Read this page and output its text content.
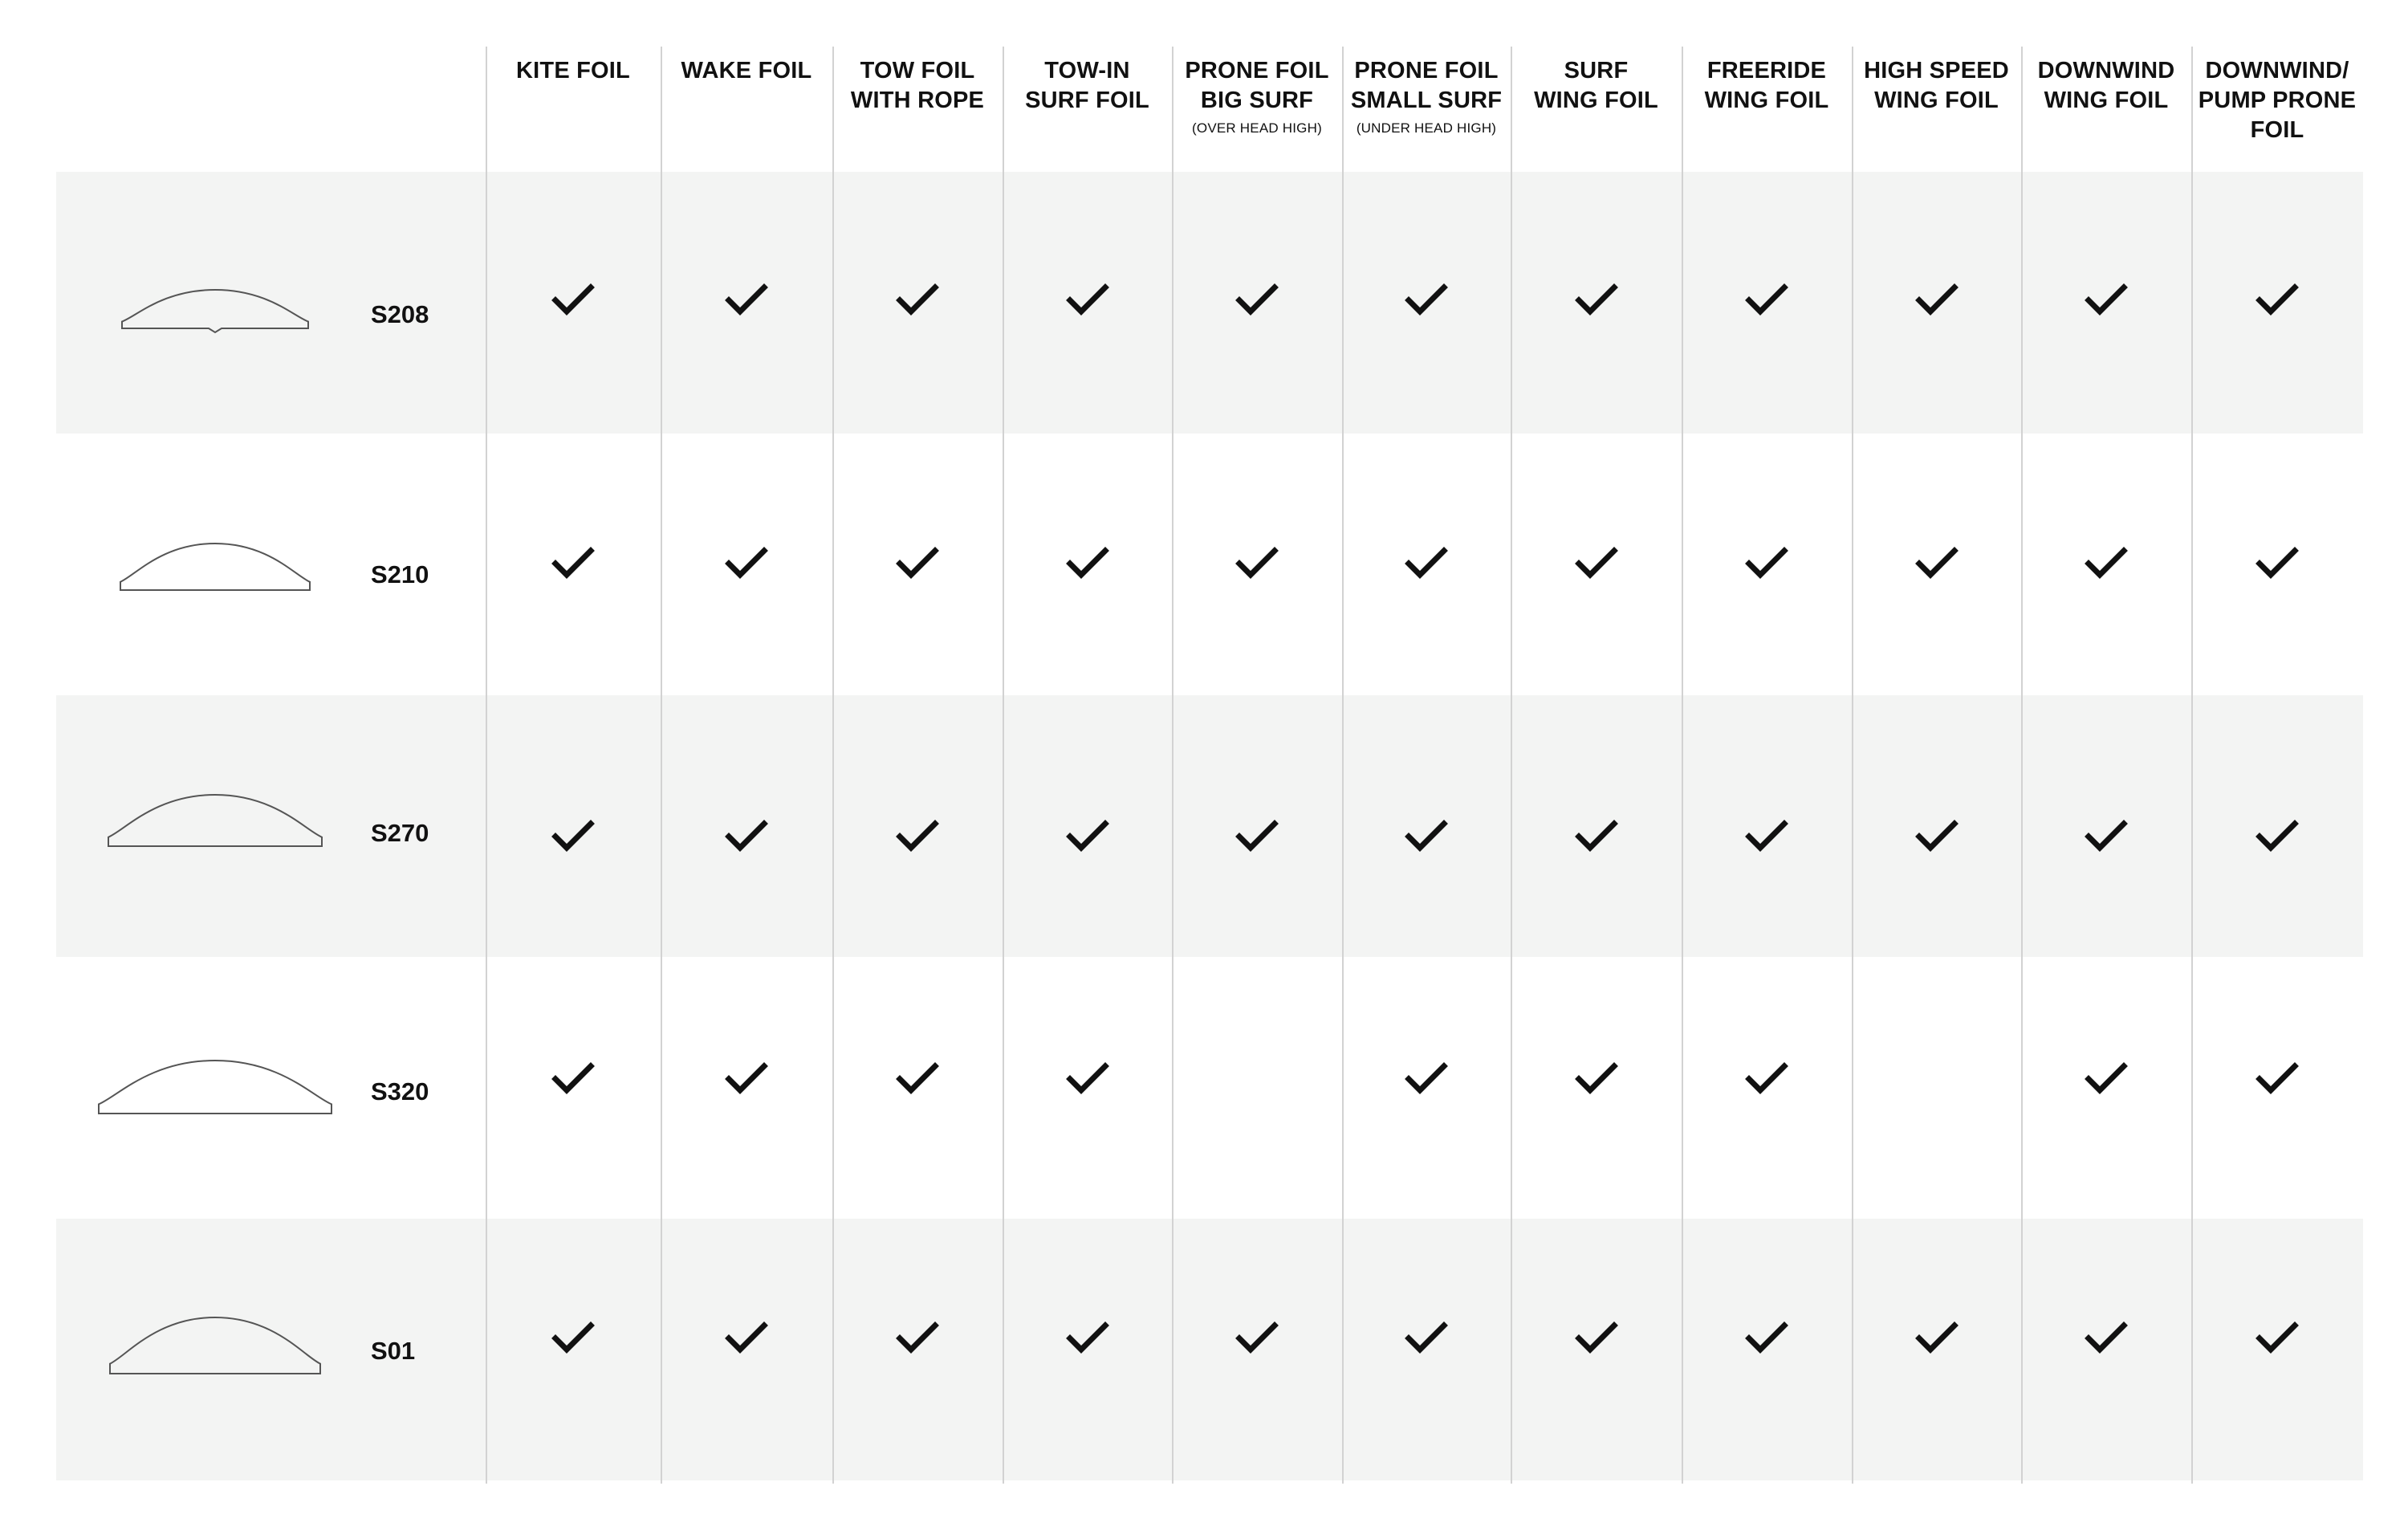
KITE FOIL	WAKE FOIL	TOW FOIL
WITH ROPE
TOW-IN
SURF FOIL
PRONE FOIL
BIG SURF
(OVER HEAD HIGH)
PRONE FOIL
SMALL SURF
(UNDER HEAD HIGH)
SURF
WING FOIL
FREERIDE
WING FOIL
HIGH SPEED
WING FOIL
DOWNWIND
WING FOIL
DOWNWIND/
PUMP PRONE
FOIL
S208
S210
S270
S320
S01
